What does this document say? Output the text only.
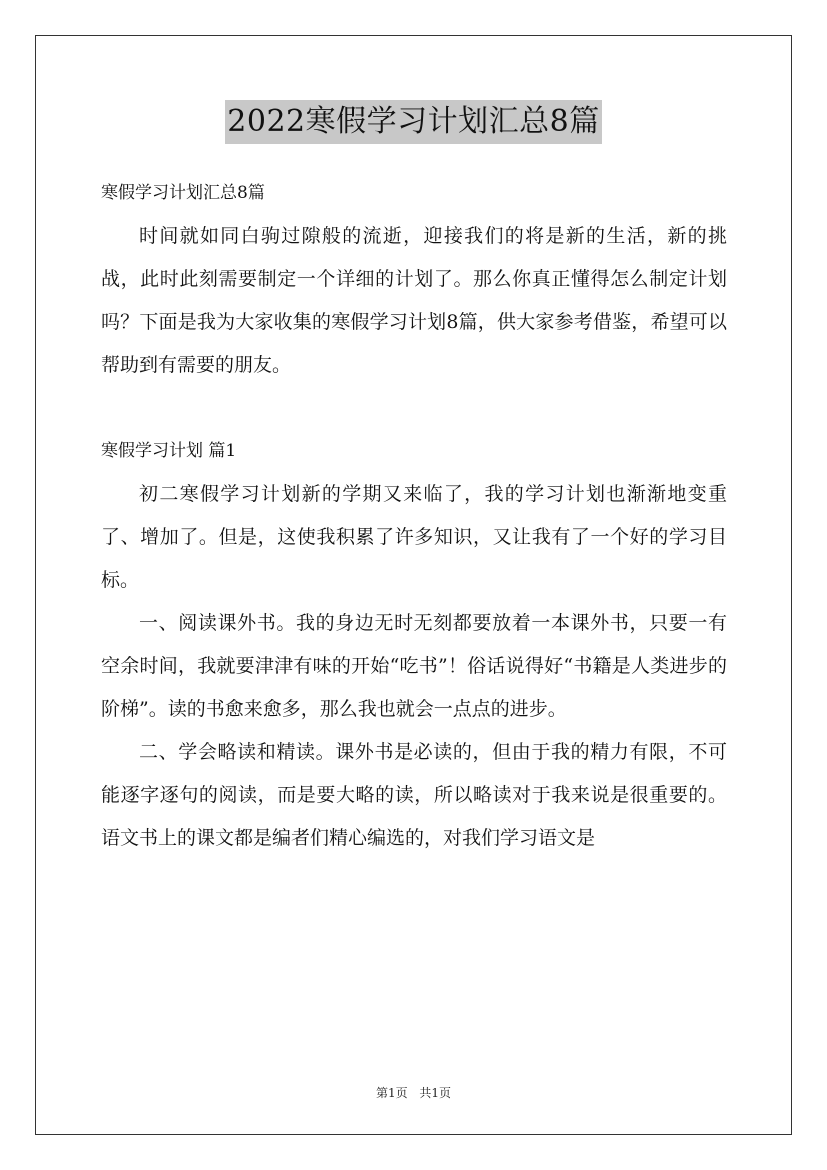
2022寒假学习计划汇总8篇

寒假学习计划汇总8篇

时间就如同白驹过隙般的流逝，迎接我们的将是新的生活，新的挑战，此时此刻需要制定一个详细的计划了。那么你真正懂得怎么制定计划吗？下面是我为大家收集的寒假学习计划8篇，供大家参考借鉴，希望可以帮助到有需要的朋友。

寒假学习计划 篇1

初二寒假学习计划新的学期又来临了，我的学习计划也渐渐地变重了、增加了。但是，这使我积累了许多知识，又让我有了一个好的学习目标。

一、阅读课外书。我的身边无时无刻都要放着一本课外书，只要一有空余时间，我就要津津有味的开始“吃书”！俗话说得好“书籍是人类进步的阶梯”。读的书愈来愈多，那么我也就会一点点的进步。

二、学会略读和精读。课外书是必读的，但由于我的精力有限，不可能逐字逐句的阅读，而是要大略的读，所以略读对于我来说是很重要的。语文书上的课文都是编者们精心编选的，对我们学习语文是

第1页 共1页
